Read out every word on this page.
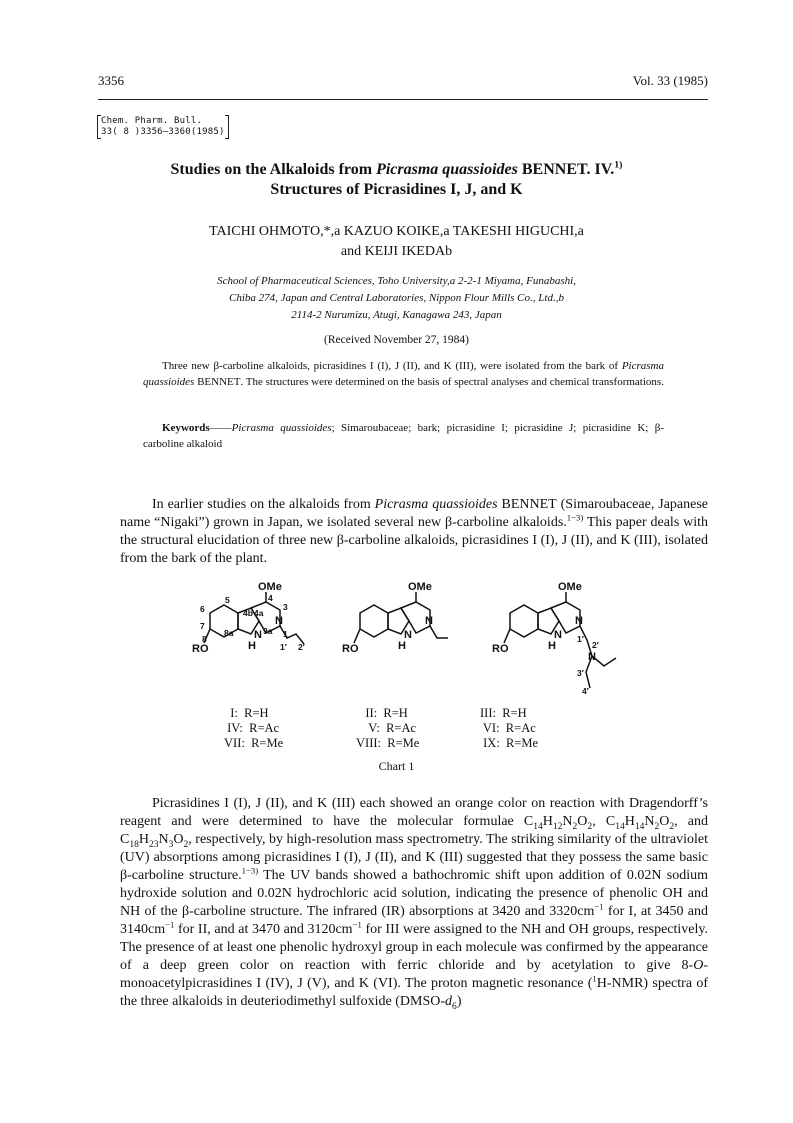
3356	Vol. 33 (1985)
Chem. Pharm. Bull.
33( 8 )3356—3360(1985)
Studies on the Alkaloids from Picrasma quassioides BENNET. IV.$^{1)}$
Structures of Picrasidines I, J, and K
TAICHI OHMOTO,*,a KAZUO KOIKE,a TAKESHI HIGUCHI,a
and KEIJI IKEDAb
School of Pharmaceutical Sciences, Toho University,a 2-2-1 Miyama, Funabashi,
Chiba 274, Japan and Central Laboratories, Nippon Flour Mills Co., Ltd.,b
2114-2 Nurumizu, Atugi, Kanagawa 243, Japan
(Received November 27, 1984)

Three new β-carboline alkaloids, picrasidines I (I), J (II), and K (III), were isolated from the bark of Picrasma quassioides BENNET. The structures were determined on the basis of spectral analyses and chemical transformations.

Keywords——Picrasma quassioides; Simaroubaceae; bark; picrasidine I; picrasidine J; picrasidine K; β-carboline alkaloid

In earlier studies on the alkaloids from Picrasma quassioides BENNET (Simaroubaceae, Japanese name “Nigaki”) grown in Japan, we isolated several new β-carboline alkaloids.$^{1-3)}$ This paper deals with the structural elucidation of three new β-carboline alkaloids, picrasidines I (I), J (II), and K (III), isolated from the bark of the plant.

OMe
N
N
H
RO
OMe
N
N
H
RO
OMe
N
N
H
RO
N
5
6
7
8
8a	9a
4b 4a
4
3
1
1′ 2′
1′
2′
3′
4′
I:  R=H
IV:  R=Ac
VII:  R=Me
II:  R=H
V:  R=Ac
VIII:  R=Me
III:  R=H
VI:  R=Ac
IX:  R=Me
Chart 1

Picrasidines I (I), J (II), and K (III) each showed an orange color on reaction with Dragendorff’s reagent and were determined to have the molecular formulae $C_{14}H_{12}N_2O_2$, $C_{14}H_{14}N_2O_2$, and $C_{18}H_{23}N_3O_2$, respectively, by high-resolution mass spectrometry. The striking similarity of the ultraviolet (UV) absorptions among picrasidines I (I), J (II), and K (III) suggested that they possess the same basic β-carboline structure.$^{1-3)}$ The UV bands showed a bathochromic shift upon addition of 0.02N sodium hydroxide solution and 0.02N hydrochloric acid solution, indicating the presence of phenolic OH and NH of the β-carboline structure. The infrared (IR) absorptions at 3420 and $3320cm^{-1}$ for I, at 3450 and $3140cm^{-1}$ for II, and at 3470 and $3120cm^{-1}$ for III were assigned to the NH and OH groups, respectively. The presence of at least one phenolic hydroxyl group in each molecule was confirmed by the appearance of a deep green color on reaction with ferric chloride and by acetylation to give 8-O-monoacetylpicrasidines I (IV), J (V), and K (VI). The proton magnetic resonance ($^1$H-NMR) spectra of the three alkaloids in deuteriodimethyl sulfoxide $(DMSO-d_6)$
